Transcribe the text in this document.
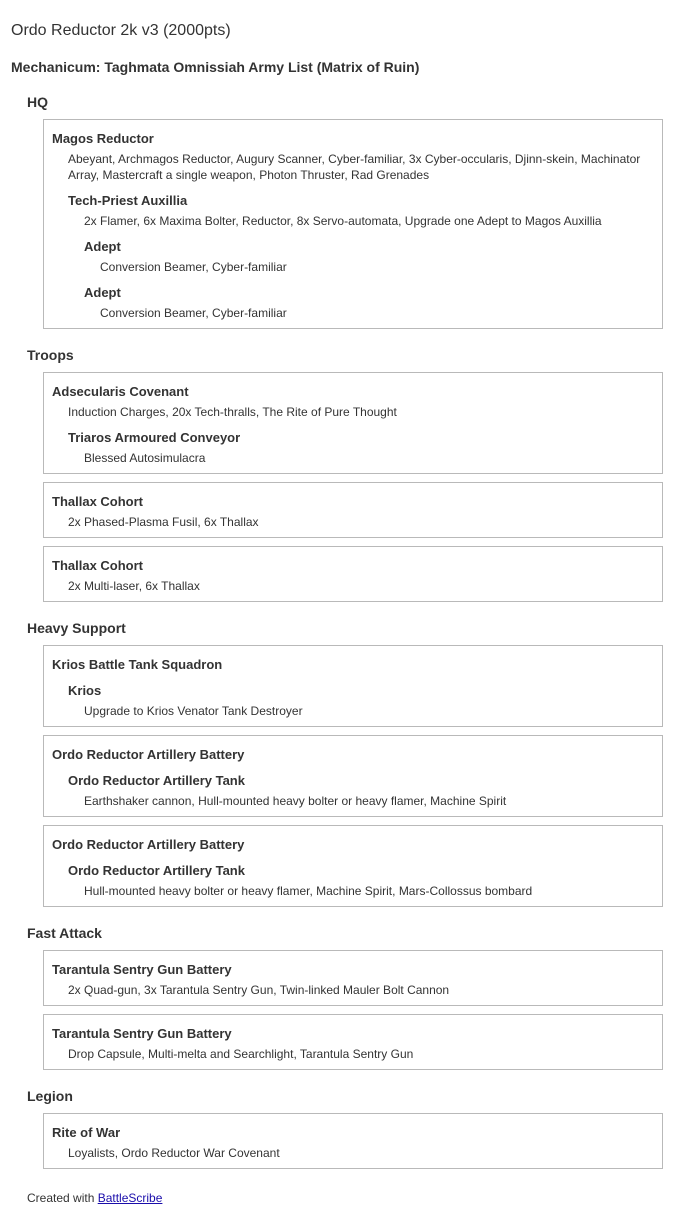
Ordo Reductor 2k v3 (2000pts)
Mechanicum: Taghmata Omnissiah Army List (Matrix of Ruin)
HQ
Magos Reductor
Abeyant, Archmagos Reductor, Augury Scanner, Cyber-familiar, 3x Cyber-occularis, Djinn-skein, Machinator Array, Mastercraft a single weapon, Photon Thruster, Rad Grenades
Tech-Priest Auxillia
2x Flamer, 6x Maxima Bolter, Reductor, 8x Servo-automata, Upgrade one Adept to Magos Auxillia
Adept
Conversion Beamer, Cyber-familiar
Adept
Conversion Beamer, Cyber-familiar
Troops
Adsecularis Covenant
Induction Charges, 20x Tech-thralls, The Rite of Pure Thought
Triaros Armoured Conveyor
Blessed Autosimulacra
Thallax Cohort
2x Phased-Plasma Fusil, 6x Thallax
Thallax Cohort
2x Multi-laser, 6x Thallax
Heavy Support
Krios Battle Tank Squadron
Krios
Upgrade to Krios Venator Tank Destroyer
Ordo Reductor Artillery Battery
Ordo Reductor Artillery Tank
Earthshaker cannon, Hull-mounted heavy bolter or heavy flamer, Machine Spirit
Ordo Reductor Artillery Battery
Ordo Reductor Artillery Tank
Hull-mounted heavy bolter or heavy flamer, Machine Spirit, Mars-Collossus bombard
Fast Attack
Tarantula Sentry Gun Battery
2x Quad-gun, 3x Tarantula Sentry Gun, Twin-linked Mauler Bolt Cannon
Tarantula Sentry Gun Battery
Drop Capsule, Multi-melta and Searchlight, Tarantula Sentry Gun
Legion
Rite of War
Loyalists, Ordo Reductor War Covenant
Created with BattleScribe
